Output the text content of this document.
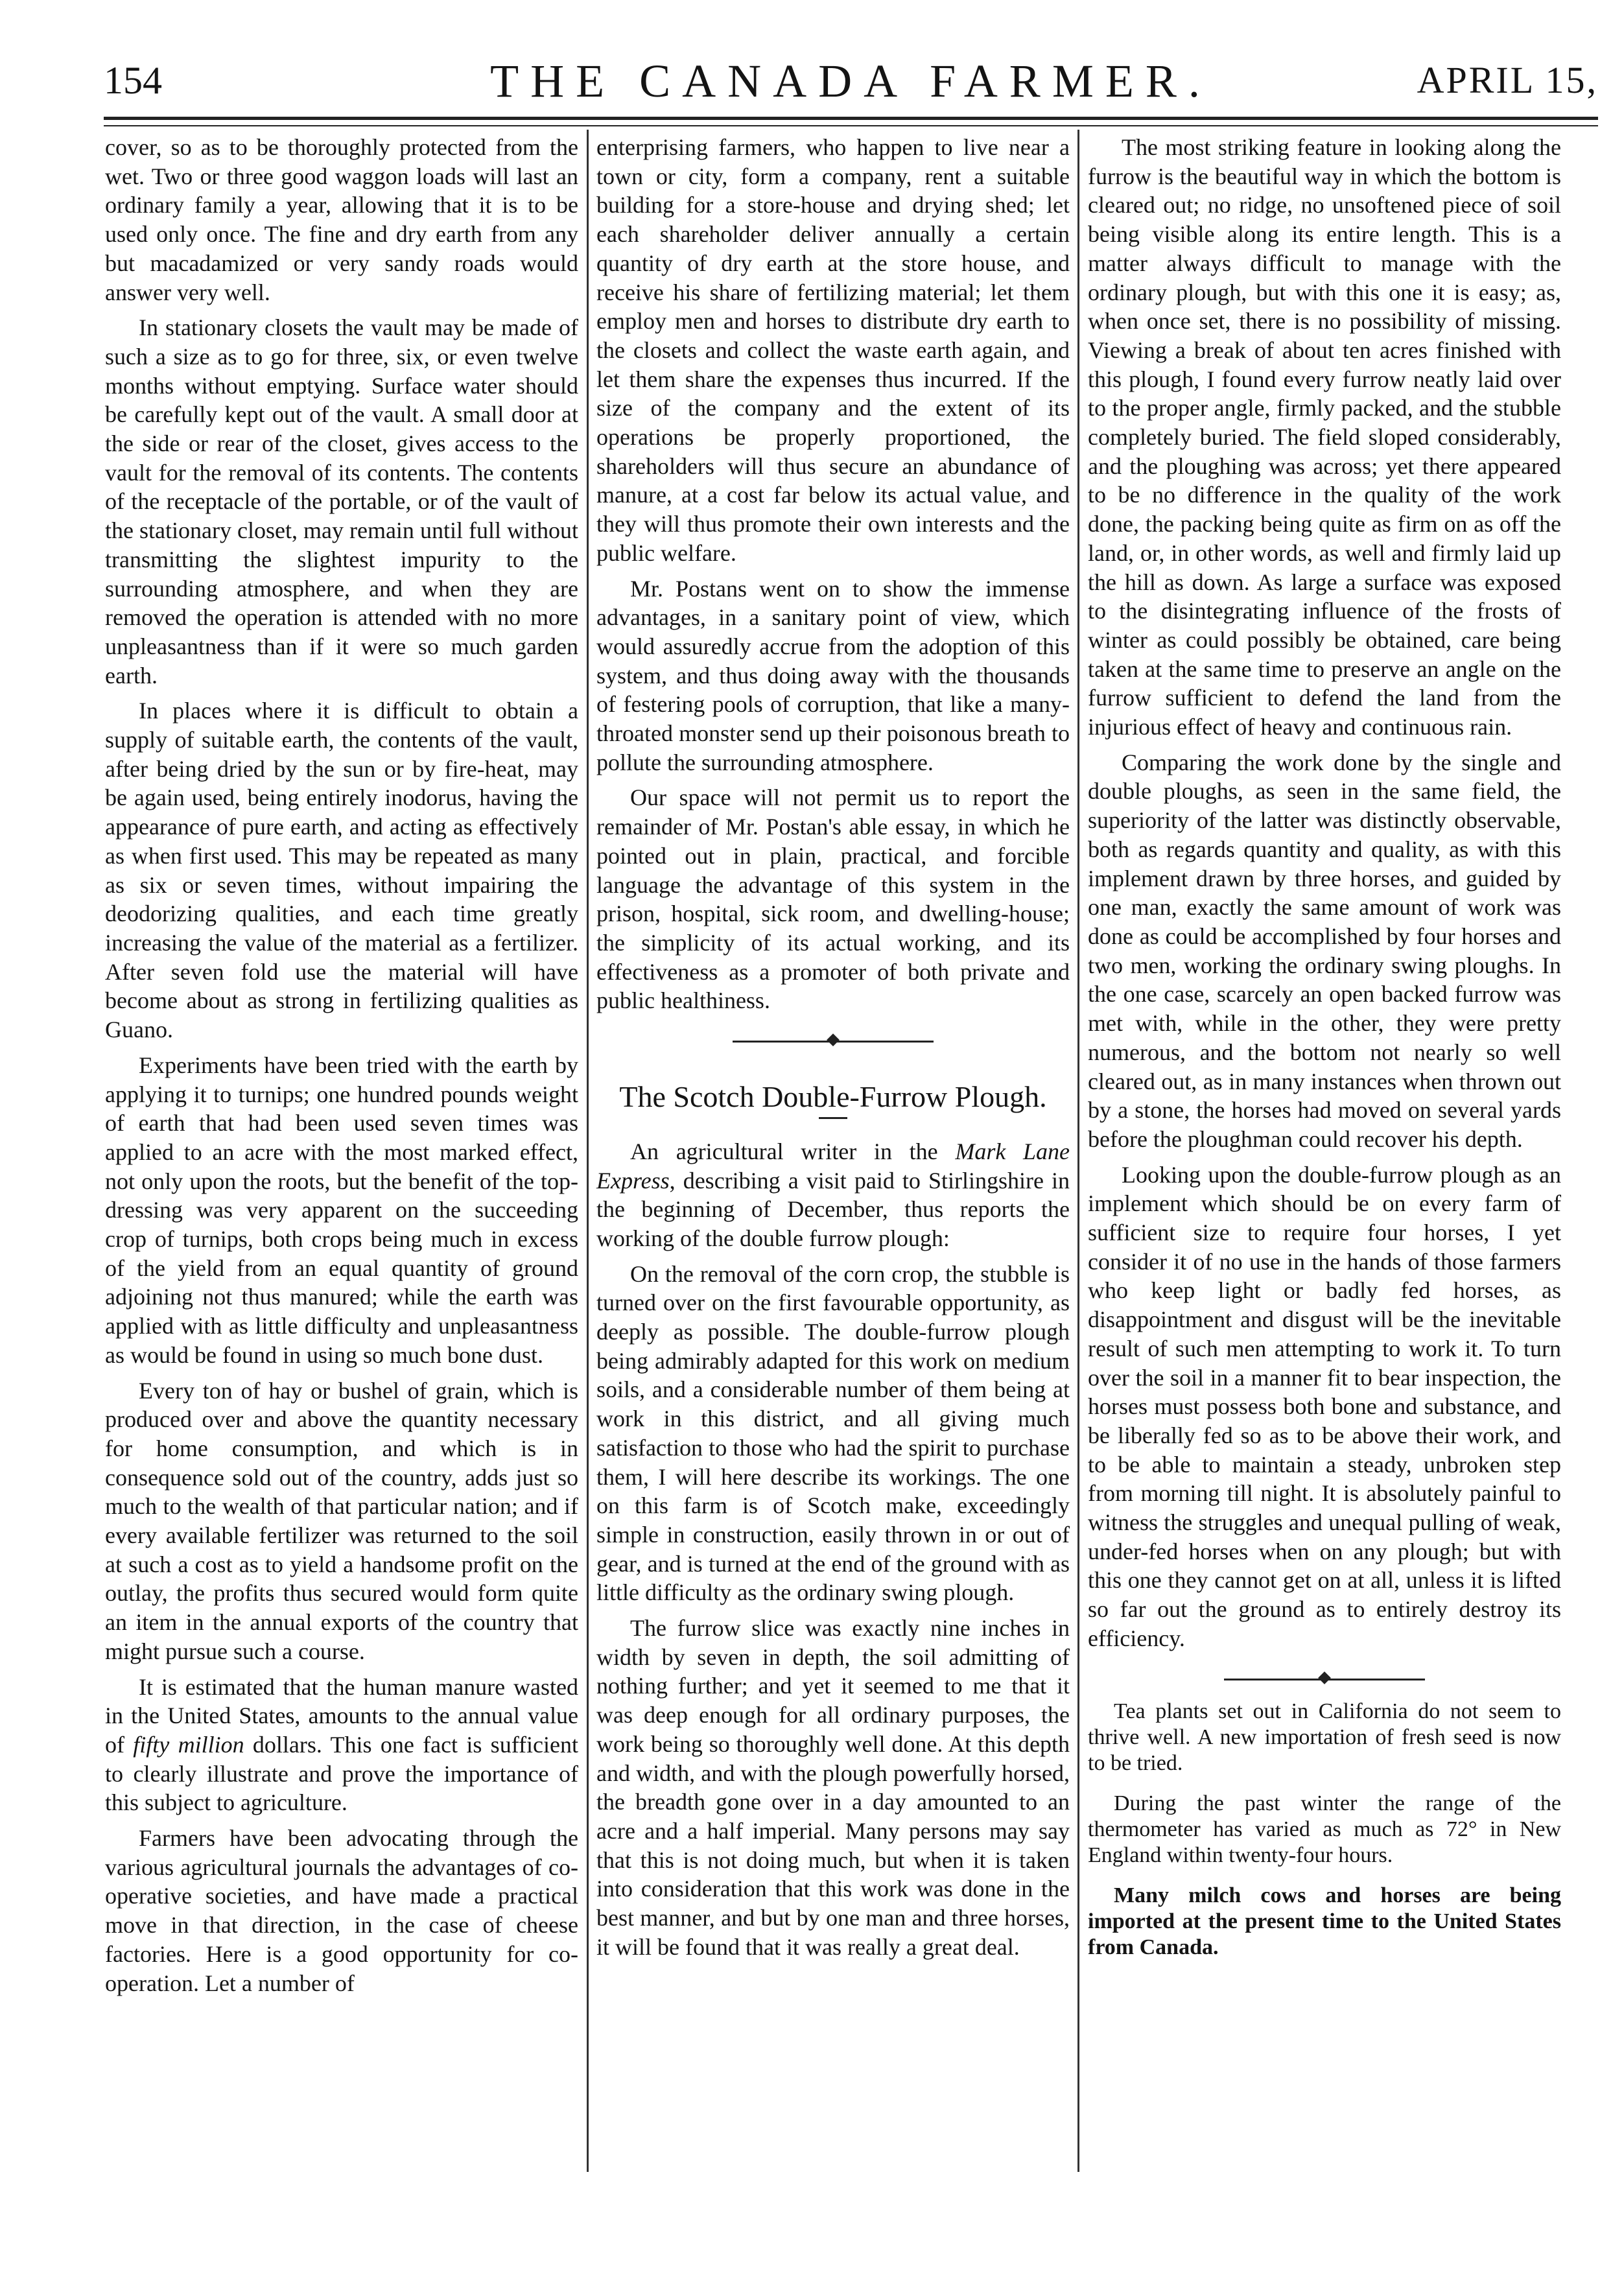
154	THE CANADA FARMER.	APRIL 15,

cover, so as to be thoroughly protected from the wet. Two or three good waggon loads will last an ordinary family a year, allowing that it is to be used only once. The fine and dry earth from any but macadamized or very sandy roads would answer very well.

In stationary closets the vault may be made of such a size as to go for three, six, or even twelve months without emptying. Surface water should be carefully kept out of the vault. A small door at the side or rear of the closet, gives access to the vault for the removal of its contents. The contents of the receptacle of the portable, or of the vault of the stationary closet, may remain until full without transmitting the slightest impurity to the surrounding atmosphere, and when they are removed the operation is attended with no more unpleasantness than if it were so much garden earth.

In places where it is difficult to obtain a supply of suitable earth, the contents of the vault, after being dried by the sun or by fire-heat, may be again used, being entirely inodorus, having the appearance of pure earth, and acting as effectively as when first used. This may be repeated as many as six or seven times, without impairing the deodorizing qualities, and each time greatly increasing the value of the material as a fertilizer. After seven fold use the material will have become about as strong in fertilizing qualities as Guano.

Experiments have been tried with the earth by applying it to turnips; one hundred pounds weight of earth that had been used seven times was applied to an acre with the most marked effect, not only upon the roots, but the benefit of the top-dressing was very apparent on the succeeding crop of turnips, both crops being much in excess of the yield from an equal quantity of ground adjoining not thus manured; while the earth was applied with as little difficulty and unpleasantness as would be found in using so much bone dust.

Every ton of hay or bushel of grain, which is produced over and above the quantity necessary for home consumption, and which is in consequence sold out of the country, adds just so much to the wealth of that particular nation; and if every available fertilizer was returned to the soil at such a cost as to yield a handsome profit on the outlay, the profits thus secured would form quite an item in the annual exports of the country that might pursue such a course.

It is estimated that the human manure wasted in the United States, amounts to the annual value of fifty million dollars. This one fact is sufficient to clearly illustrate and prove the importance of this subject to agriculture.

Farmers have been advocating through the various agricultural journals the advantages of co-operative societies, and have made a practical move in that direction, in the case of cheese factories. Here is a good opportunity for co-operation. Let a number of

enterprising farmers, who happen to live near a town or city, form a company, rent a suitable building for a store-house and drying shed; let each shareholder deliver annually a certain quantity of dry earth at the store house, and receive his share of fertilizing material; let them employ men and horses to distribute dry earth to the closets and collect the waste earth again, and let them share the expenses thus incurred. If the size of the company and the extent of its operations be properly proportioned, the shareholders will thus secure an abundance of manure, at a cost far below its actual value, and they will thus promote their own interests and the public welfare.

Mr. Postans went on to show the immense advantages, in a sanitary point of view, which would assuredly accrue from the adoption of this system, and thus doing away with the thousands of festering pools of corruption, that like a many-throated monster send up their poisonous breath to pollute the surrounding atmosphere.

Our space will not permit us to report the remainder of Mr. Postan's able essay, in which he pointed out in plain, practical, and forcible language the advantage of this system in the prison, hospital, sick room, and dwelling-house; the simplicity of its actual working, and its effectiveness as a promoter of both private and public healthiness.

The Scotch Double-Furrow Plough.

An agricultural writer in the Mark Lane Express, describing a visit paid to Stirlingshire in the beginning of December, thus reports the working of the double furrow plough:

On the removal of the corn crop, the stubble is turned over on the first favourable opportunity, as deeply as possible. The double-furrow plough being admirably adapted for this work on medium soils, and a considerable number of them being at work in this district, and all giving much satisfaction to those who had the spirit to purchase them, I will here describe its workings. The one on this farm is of Scotch make, exceedingly simple in construction, easily thrown in or out of gear, and is turned at the end of the ground with as little difficulty as the ordinary swing plough.

The furrow slice was exactly nine inches in width by seven in depth, the soil admitting of nothing further; and yet it seemed to me that it was deep enough for all ordinary purposes, the work being so thoroughly well done. At this depth and width, and with the plough powerfully horsed, the breadth gone over in a day amounted to an acre and a half imperial. Many persons may say that this is not doing much, but when it is taken into consideration that this work was done in the best manner, and but by one man and three horses, it will be found that it was really a great deal.

The most striking feature in looking along the furrow is the beautiful way in which the bottom is cleared out; no ridge, no unsoftened piece of soil being visible along its entire length. This is a matter always difficult to manage with the ordinary plough, but with this one it is easy; as, when once set, there is no possibility of missing. Viewing a break of about ten acres finished with this plough, I found every furrow neatly laid over to the proper angle, firmly packed, and the stubble completely buried. The field sloped considerably, and the ploughing was across; yet there appeared to be no difference in the quality of the work done, the packing being quite as firm on as off the land, or, in other words, as well and firmly laid up the hill as down. As large a surface was exposed to the disintegrating influence of the frosts of winter as could possibly be obtained, care being taken at the same time to preserve an angle on the furrow sufficient to defend the land from the injurious effect of heavy and continuous rain.

Comparing the work done by the single and double ploughs, as seen in the same field, the superiority of the latter was distinctly observable, both as regards quantity and quality, as with this implement drawn by three horses, and guided by one man, exactly the same amount of work was done as could be accomplished by four horses and two men, working the ordinary swing ploughs. In the one case, scarcely an open backed furrow was met with, while in the other, they were pretty numerous, and the bottom not nearly so well cleared out, as in many instances when thrown out by a stone, the horses had moved on several yards before the ploughman could recover his depth.

Looking upon the double-furrow plough as an implement which should be on every farm of sufficient size to require four horses, I yet consider it of no use in the hands of those farmers who keep light or badly fed horses, as disappointment and disgust will be the inevitable result of such men attempting to work it. To turn over the soil in a manner fit to bear inspection, the horses must possess both bone and substance, and be liberally fed so as to be above their work, and to be able to maintain a steady, unbroken step from morning till night. It is absolutely painful to witness the struggles and unequal pulling of weak, under-fed horses when on any plough; but with this one they cannot get on at all, unless it is lifted so far out the ground as to entirely destroy its efficiency.

Tea plants set out in California do not seem to thrive well. A new importation of fresh seed is now to be tried.

During the past winter the range of the thermometer has varied as much as 72° in New England within twenty-four hours.

Many milch cows and horses are being imported at the present time to the United States from Canada.
